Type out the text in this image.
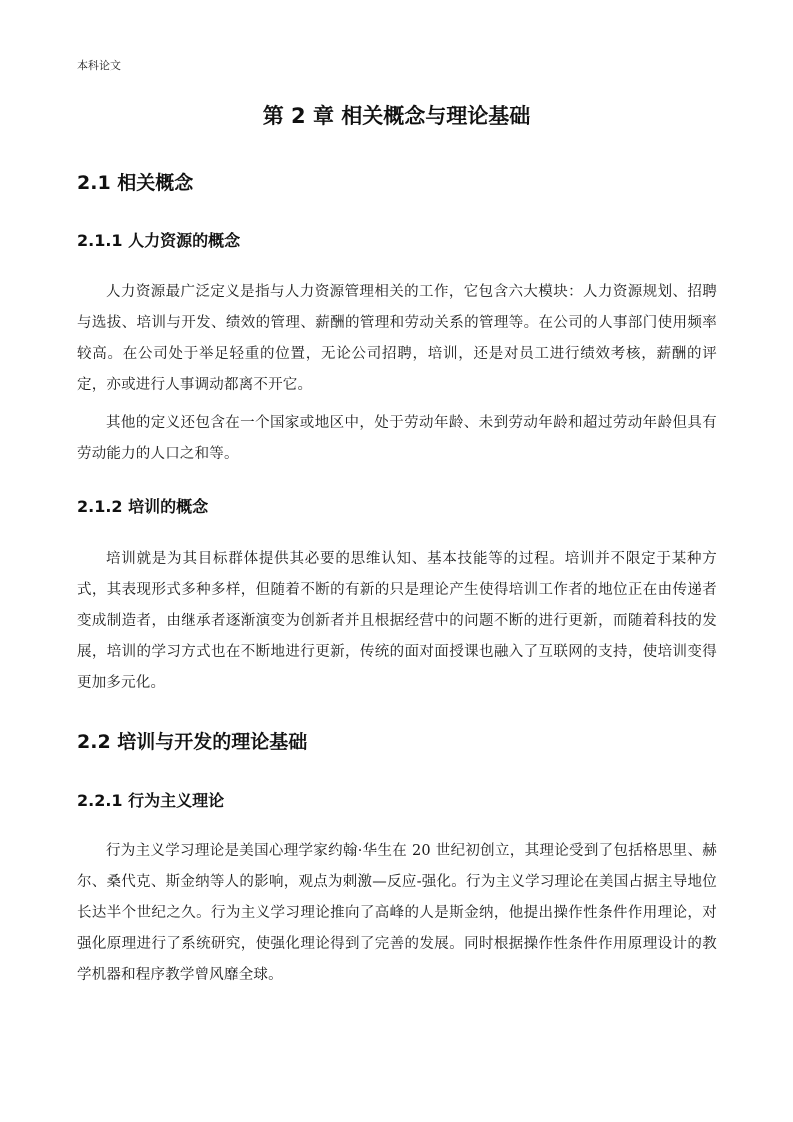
本科论文
第 2 章 相关概念与理论基础
2.1 相关概念
2.1.1 人力资源的概念
人力资源最广泛定义是指与人力资源管理相关的工作，它包含六大模块：人力资源规划、招聘与选拔、培训与开发、绩效的管理、薪酬的管理和劳动关系的管理等。在公司的人事部门使用频率较高。在公司处于举足轻重的位置，无论公司招聘，培训，还是对员工进行绩效考核，薪酬的评定，亦或进行人事调动都离不开它。
其他的定义还包含在一个国家或地区中，处于劳动年龄、未到劳动年龄和超过劳动年龄但具有劳动能力的人口之和等。
2.1.2 培训的概念
培训就是为其目标群体提供其必要的思维认知、基本技能等的过程。培训并不限定于某种方式，其表现形式多种多样，但随着不断的有新的只是理论产生使得培训工作者的地位正在由传递者变成制造者，由继承者逐渐演变为创新者并且根据经营中的问题不断的进行更新，而随着科技的发展，培训的学习方式也在不断地进行更新，传统的面对面授课也融入了互联网的支持，使培训变得更加多元化。
2.2 培训与开发的理论基础
2.2.1 行为主义理论
行为主义学习理论是美国心理学家约翰·华生在 20 世纪初创立，其理论受到了包括格思里、赫尔、桑代克、斯金纳等人的影响，观点为刺激—反应-强化。行为主义学习理论在美国占据主导地位长达半个世纪之久。行为主义学习理论推向了高峰的人是斯金纳，他提出操作性条件作用理论，对强化原理进行了系统研究，使强化理论得到了完善的发展。同时根据操作性条件作用原理设计的教学机器和程序教学曾风靡全球。
